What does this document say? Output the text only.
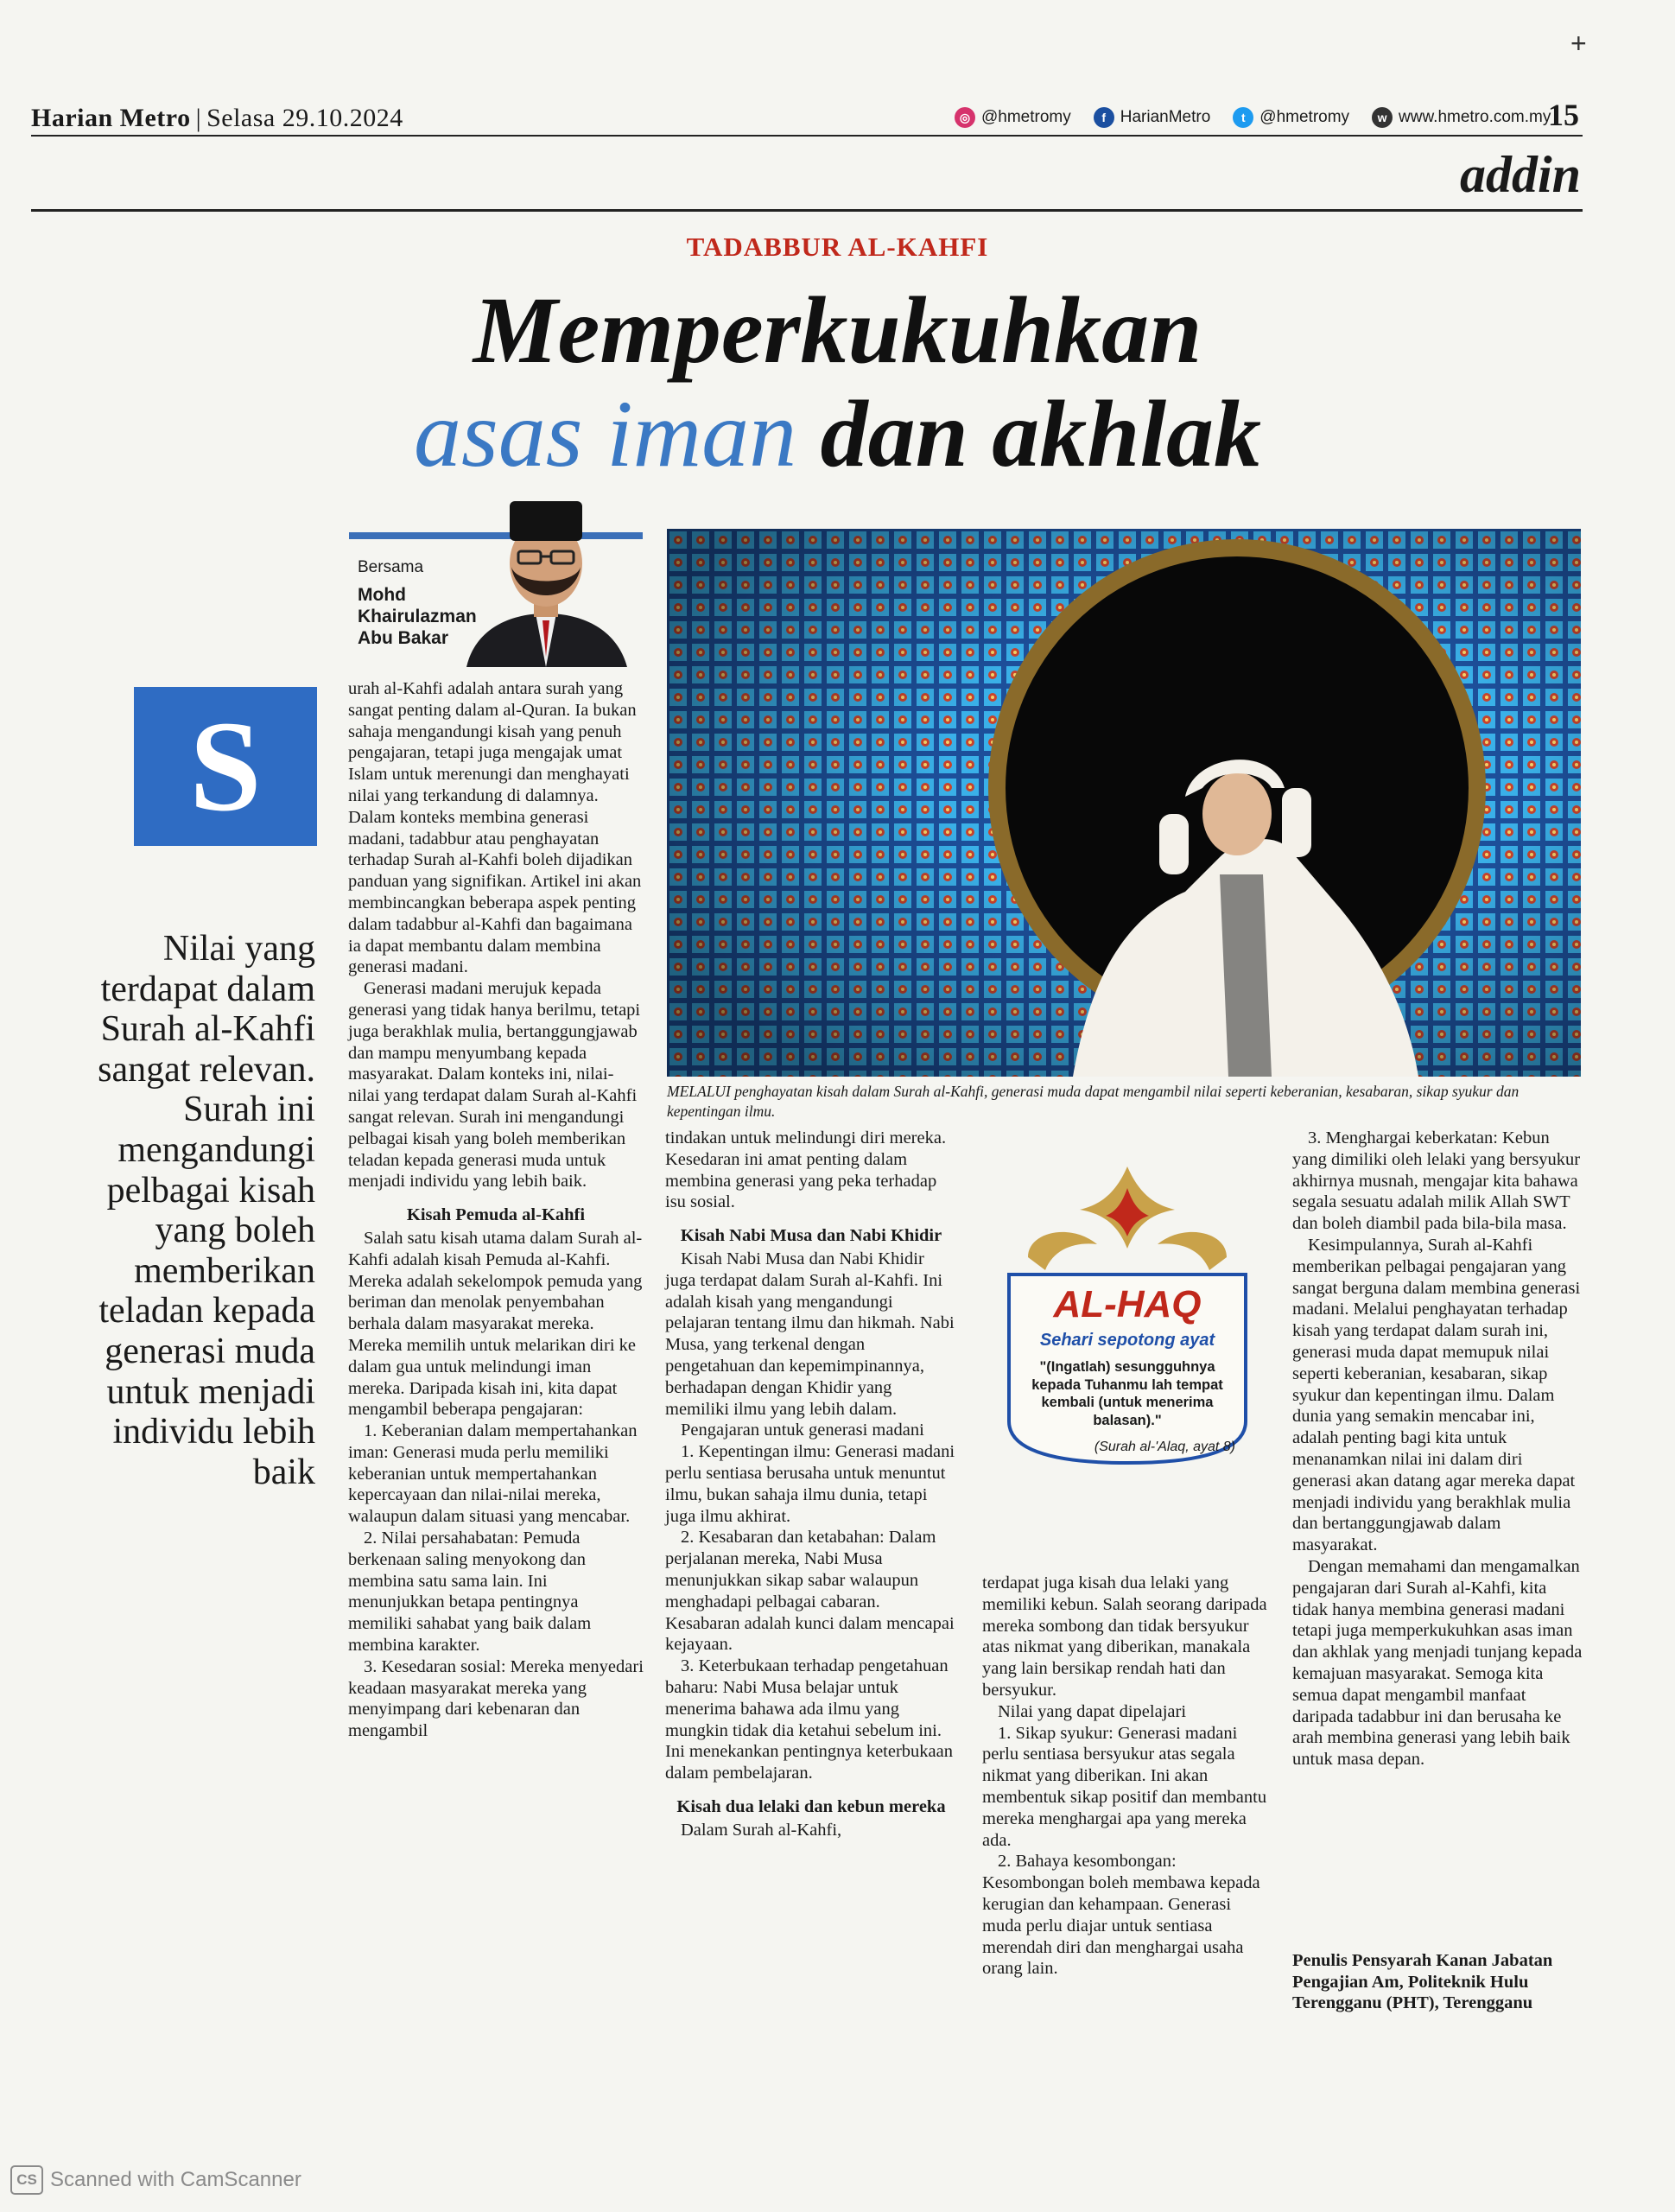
+
Harian Metro | Selasa 29.10.2024	◎ @hmetromy	f HarianMetro	t @hmetromy	w www.hmetro.com.my
15
addin
TADABBUR AL-KAHFI
Memperkukuhkan
asas iman dan akhlak
Bersama
Mohd
Khairulazman
Abu Bakar
MELALUI penghayatan kisah dalam Surah al-Kahfi, generasi muda dapat mengambil nilai seperti keberanian, kesabaran, sikap syukur dan kepentingan ilmu.
S
Nilai yang terdapat dalam Surah al-Kahfi sangat relevan. Surah ini mengandungi pelbagai kisah yang boleh memberikan teladan kepada generasi muda untuk menjadi individu lebih baik

urah al-Kahfi adalah antara surah yang sangat penting dalam al-Quran. Ia bukan sahaja mengandungi kisah yang penuh pengajaran, tetapi juga mengajak umat Islam untuk merenungi dan menghayati nilai yang terkandung di dalamnya. Dalam konteks membina generasi madani, tadabbur atau penghayatan terhadap Surah al-Kahfi boleh dijadikan panduan yang signifikan. Artikel ini akan membincangkan beberapa aspek penting dalam tadabbur al-Kahfi dan bagaimana ia dapat membantu dalam membina generasi madani.

Generasi madani merujuk kepada generasi yang tidak hanya berilmu, tetapi juga berakhlak mulia, bertanggungjawab dan mampu menyumbang kepada masyarakat. Dalam konteks ini, nilai-nilai yang terdapat dalam Surah al-Kahfi sangat relevan. Surah ini mengandungi pelbagai kisah yang boleh memberikan teladan kepada generasi muda untuk menjadi individu yang lebih baik.

Kisah Pemuda al-Kahfi

Salah satu kisah utama dalam Surah al-Kahfi adalah kisah Pemuda al-Kahfi. Mereka adalah sekelompok pemuda yang beriman dan menolak penyembahan berhala dalam masyarakat mereka. Mereka memilih untuk melarikan diri ke dalam gua untuk melindungi iman mereka. Daripada kisah ini, kita dapat mengambil beberapa pengajaran:

1. Keberanian dalam mempertahankan iman: Generasi muda perlu memiliki keberanian untuk mempertahankan kepercayaan dan nilai-nilai mereka, walaupun dalam situasi yang mencabar.

2. Nilai persahabatan: Pemuda berkenaan saling menyokong dan membina satu sama lain. Ini menunjukkan betapa pentingnya memiliki sahabat yang baik dalam membina karakter.

3. Kesedaran sosial: Mereka menyedari keadaan masyarakat mereka yang menyimpang dari kebenaran dan mengambil

tindakan untuk melindungi diri mereka. Kesedaran ini amat penting dalam membina generasi yang peka terhadap isu sosial.

Kisah Nabi Musa dan Nabi Khidir

Kisah Nabi Musa dan Nabi Khidir juga terdapat dalam Surah al-Kahfi. Ini adalah kisah yang mengandungi pelajaran tentang ilmu dan hikmah. Nabi Musa, yang terkenal dengan pengetahuan dan kepemimpinannya, berhadapan dengan Khidir yang memiliki ilmu yang lebih dalam.

Pengajaran untuk generasi madani

1. Kepentingan ilmu: Generasi madani perlu sentiasa berusaha untuk menuntut ilmu, bukan sahaja ilmu dunia, tetapi juga ilmu akhirat.

2. Kesabaran dan ketabahan: Dalam perjalanan mereka, Nabi Musa menunjukkan sikap sabar walaupun menghadapi pelbagai cabaran. Kesabaran adalah kunci dalam mencapai kejayaan.

3. Keterbukaan terhadap pengetahuan baharu: Nabi Musa belajar untuk menerima bahawa ada ilmu yang mungkin tidak dia ketahui sebelum ini. Ini menekankan pentingnya keterbukaan dalam pembelajaran.

Kisah dua lelaki dan kebun mereka

Dalam Surah al-Kahfi,

AL-HAQ
Sehari sepotong ayat
"(Ingatlah) sesungguhnya kepada Tuhanmu lah tempat kembali (untuk menerima balasan)."
(Surah al-'Alaq, ayat 8)

terdapat juga kisah dua lelaki yang memiliki kebun. Salah seorang daripada mereka sombong dan tidak bersyukur atas nikmat yang diberikan, manakala yang lain bersikap rendah hati dan bersyukur.

Nilai yang dapat dipelajari

1. Sikap syukur: Generasi madani perlu sentiasa bersyukur atas segala nikmat yang diberikan. Ini akan membentuk sikap positif dan membantu mereka menghargai apa yang mereka ada.

2. Bahaya kesombongan: Kesombongan boleh membawa kepada kerugian dan kehampaan. Generasi muda perlu diajar untuk sentiasa merendah diri dan menghargai usaha orang lain.

3. Menghargai keberkatan: Kebun yang dimiliki oleh lelaki yang bersyukur akhirnya musnah, mengajar kita bahawa segala sesuatu adalah milik Allah SWT dan boleh diambil pada bila-bila masa.

Kesimpulannya, Surah al-Kahfi memberikan pelbagai pengajaran yang sangat berguna dalam membina generasi madani. Melalui penghayatan terhadap kisah yang terdapat dalam surah ini, generasi muda dapat memupuk nilai seperti keberanian, kesabaran, sikap syukur dan kepentingan ilmu. Dalam dunia yang semakin mencabar ini, adalah penting bagi kita untuk menanamkan nilai ini dalam diri generasi akan datang agar mereka dapat menjadi individu yang berakhlak mulia dan bertanggungjawab dalam masyarakat.

Dengan memahami dan mengamalkan pengajaran dari Surah al-Kahfi, kita tidak hanya membina generasi madani tetapi juga memperkukuhkan asas iman dan akhlak yang menjadi tunjang kepada kemajuan masyarakat. Semoga kita semua dapat mengambil manfaat daripada tadabbur ini dan berusaha ke arah membina generasi yang lebih baik untuk masa depan.

Penulis Pensyarah Kanan Jabatan Pengajian Am, Politeknik Hulu Terengganu (PHT), Terengganu
CS Scanned with CamScanner
